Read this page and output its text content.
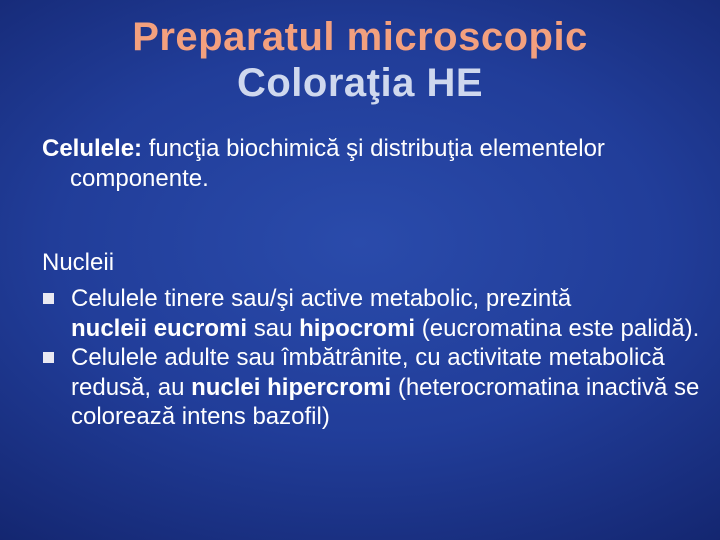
Preparatul microscopic
Coloraţia HE
Celulele: funcţia biochimică şi distribuţia elementelor
componente.
Nucleii
Celulele tinere sau/şi active metabolic, prezintă
nucleii eucromi sau hipocromi (eucromatina este palidă).
Celulele adulte sau îmbătrânite, cu activitate metabolică redusă, au nuclei hipercromi (heterocromatina inactivă se colorează intens bazofil)
